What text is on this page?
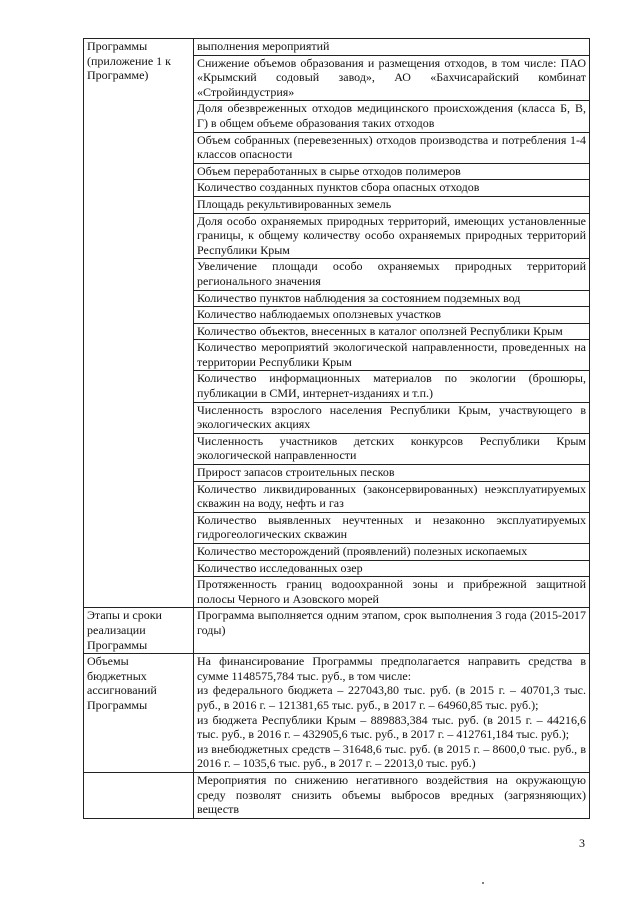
Программы (приложение 1 к Программе)	выполнения мероприятий
	Снижение объемов образования и размещения отходов, в том числе: ПАО «Крымский содовый завод», АО «Бахчисарайский комбинат «Стройиндустрия»
	Доля обезвреженных отходов медицинского происхождения (класса Б, В, Г) в общем объеме образования таких отходов
	Объем собранных (перевезенных) отходов производства и потребления 1-4 классов опасности
	Объем переработанных в сырье отходов полимеров
	Количество созданных пунктов сбора опасных отходов
	Площадь рекультивированных земель
	Доля особо охраняемых природных территорий, имеющих установленные границы, к общему количеству особо охраняемых природных территорий Республики Крым
	Увеличение площади особо охраняемых природных территорий регионального значения
	Количество пунктов наблюдения за состоянием подземных вод
	Количество наблюдаемых оползневых участков
	Количество объектов, внесенных в каталог оползней Республики Крым
	Количество мероприятий экологической направленности, проведенных на территории Республики Крым
	Количество информационных материалов по экологии (брошюры, публикации в СМИ, интернет-изданиях и т.п.)
	Численность взрослого населения Республики Крым, участвующего в экологических акциях
	Численность участников детских конкурсов Республики Крым экологической направленности
	Прирост запасов строительных песков
	Количество ликвидированных (законсервированных) неэксплуатируемых скважин на воду, нефть и газ
	Количество выявленных неучтенных и незаконно эксплуатируемых гидрогеологических скважин
	Количество месторождений (проявлений) полезных ископаемых
	Количество исследованных озер
	Протяженность границ водоохранной зоны и прибрежной защитной полосы Черного и Азовского морей

Этапы и сроки реализации Программы	Программа выполняется одним этапом, срок выполнения 3 года (2015-2017 годы)

Объемы бюджетных ассигнований Программы	На финансирование Программы предполагается направить средства в сумме 1148575,784 тыс. руб., в том числе:
из федерального бюджета – 227043,80 тыс. руб. (в 2015 г. – 40701,3 тыс. руб., в 2016 г. – 121381,65 тыс. руб., в 2017 г. – 64960,85 тыс. руб.);
из бюджета Республики Крым – 889883,384 тыс. руб. (в 2015 г. – 44216,6 тыс. руб., в 2016 г. – 432905,6 тыс. руб., в 2017 г. – 412761,184 тыс. руб.);
из внебюджетных средств – 31648,6 тыс. руб. (в 2015 г. – 8600,0 тыс. руб., в 2016 г. – 1035,6 тыс. руб., в 2017 г. – 22013,0 тыс. руб.)

	Мероприятия по снижению негативного воздействия на окружающую среду позволят снизить объемы выбросов вредных (загрязняющих) веществ
3
